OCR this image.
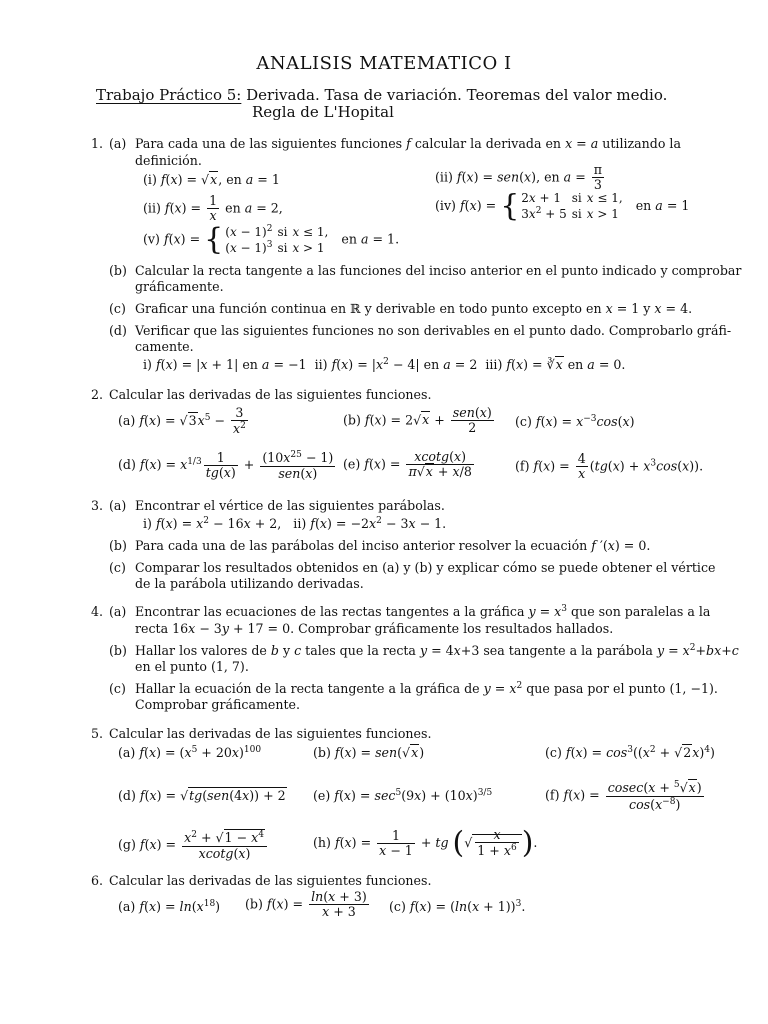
ANALISIS MATEMATICO I
Trabajo Práctico 5: Derivada. Tasa de variación. Teoremas del valor medio.
Regla de L'Hopital
1. (a) Para cada una de las siguientes funciones f calcular la derivada en x = a utilizando la
definición.
(i) f(x) = √x, en a = 1	(ii) f(x) = sen(x), en $a = \frac{\pi}{3}$
(ii) $f(x) = \frac{1}{x}$ en a = 2,	(iv) f(x) = { 2x + 1	si	x ≤ 1,
$3x^2 + 5$	si	x > 1
en a = 1
(v) f(x) = { $(x - 1)^2$	si	x ≤ 1,
$(x - 1)^3$	si	x > 1
en a = 1.
(b) Calcular la recta tangente a las funciones del inciso anterior en el punto indicado y comprobar
gráficamente.
(c) Graficar una función continua en ℝ y derivable en todo punto excepto en x = 1 y x = 4.
(d) Verificar que las siguientes funciones no son derivables en el punto dado. Comprobarlo gráfi-
camente.
i) f(x) = |x + 1| en a = −1  ii) $f(x) = |x^2 - 4|$ en a = 2  iii) f(x) = ∛x en a = 0.
2. Calcular las derivadas de las siguientes funciones.
(a) $f(x) = √3x^5 - \frac{3}{x^2}$	(b) $f(x) = 2√x + \frac{\text{sen(x)}}{2} (c) f(x) = x^{-3}\cos(x)$
(d) $f(x) = x^{1/3} \frac{1}{tg(x)} + \frac{(10x^{25} - 1)}{\text{sen(x)}} (e) f(x) = \frac{xcotg(x)}{\pi√x + x/8}$	(f) $f(x) = \frac{4}{x} (tg(x) + x^3\cos(x))$.
3. (a) Encontrar el vértice de las siguientes parábolas.
i) $f(x) = x^2 - 16x + 2$,   ii) $f(x) = -2x^2 - 3x - 1$.
(b) Para cada una de las parábolas del inciso anterior resolver la ecuación f ′(x) = 0.
(c) Comparar los resultados obtenidos en (a) y (b) y explicar cómo se puede obtener el vértice
de la parábola utilizando derivadas.
4. (a) Encontrar las ecuaciones de las rectas tangentes a la gráfica $y = x^3$ que son paralelas a la
recta 16x − 3y + 17 = 0. Comprobar gráficamente los resultados hallados.
(b) Hallar los valores de b y c tales que la recta y = 4x+3 sea tangente a la parábola $y = x^2+bx+c$
en el punto (1, 7).
(c) Hallar la ecuación de la recta tangente a la gráfica de $y = x^2$ que pasa por el punto (1, −1).
Comprobar gráficamente.
5. Calcular las derivadas de las siguientes funciones.
(a) $f(x) = (x^5 + 20x)^{100}$	(b) f(x) = sen(√x)	(c) $f(x) = \cos^3((x^2 + √2x)^4)$
(d) f(x) = √tg(sen(4x)) + 2 (e) $f(x) = \sec^5(9x) + (10x)^{3/5}$	(f) $f(x) = \frac{cosec(x + ^5√x)}{\cos(x^{-8})}$
(g) $f(x) = \frac{x^2 + √1 - x^4}{xcotg(x)}$	(h) $f(x) = \frac{1}{x - 1}$ + tg (√ $\frac{x}{1 + x^6}$ ).
6. Calcular las derivadas de las siguientes funciones.
(a) $f(x) = \ln(x^{18})$ (b) $f(x) = \frac{\ln(x + 3)}{x + 3} (c) f(x) = (\ln(x + 1))^3$.
